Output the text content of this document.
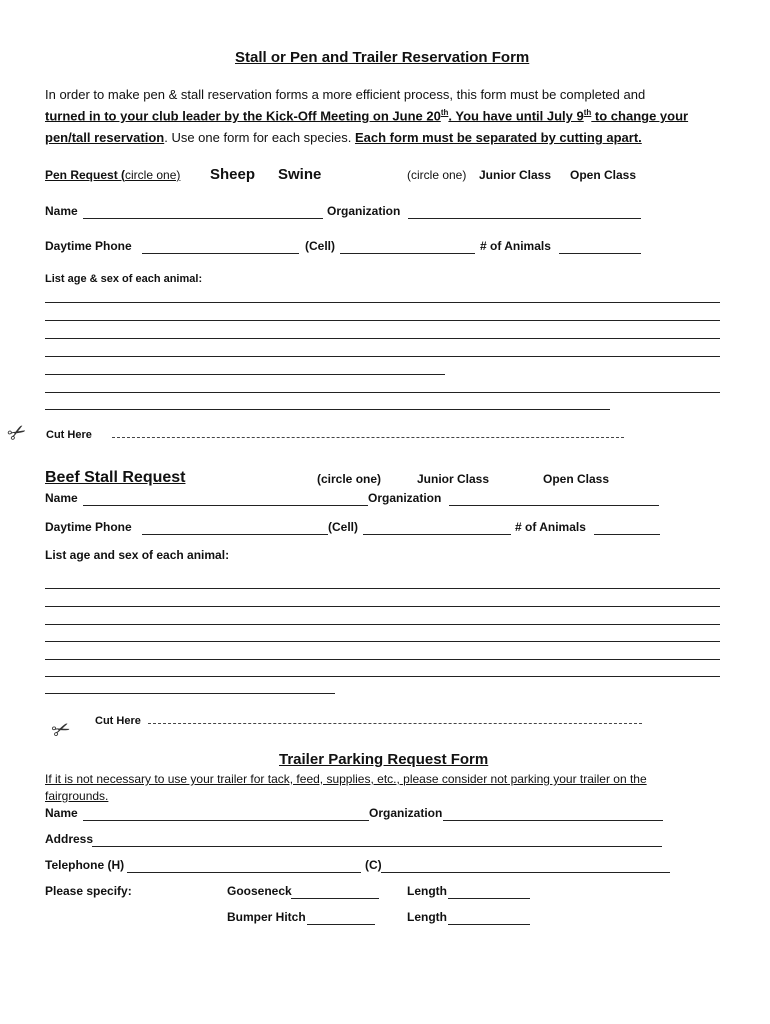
Stall or Pen and Trailer Reservation Form
In order to make pen & stall reservation forms a more efficient process, this form must be completed and
turned in to your club leader by the Kick-Off Meeting on June 20th. You have until July 9th to change your
pen/tall reservation. Use one form for each species. Each form must be separated by cutting apart.
Pen Request (circle one) Sheep Swine	(circle one) Junior Class Open Class
Name	Organization
Daytime Phone	(Cell)	# of Animals
List age & sex of each animal:
✂ Cut Here
Beef Stall Request	(circle one)	Junior Class	Open Class
Name	Organization
Daytime Phone	(Cell)	# of Animals
List age and sex of each animal:
✂ Cut Here
Trailer Parking Request Form
If it is not necessary to use your trailer for tack, feed, supplies, etc., please consider not parking your trailer on the
fairgrounds.
Name	Organization
Address
Telephone (H)	(C)
Please specify:	Gooseneck	Length
Bumper Hitch	Length
